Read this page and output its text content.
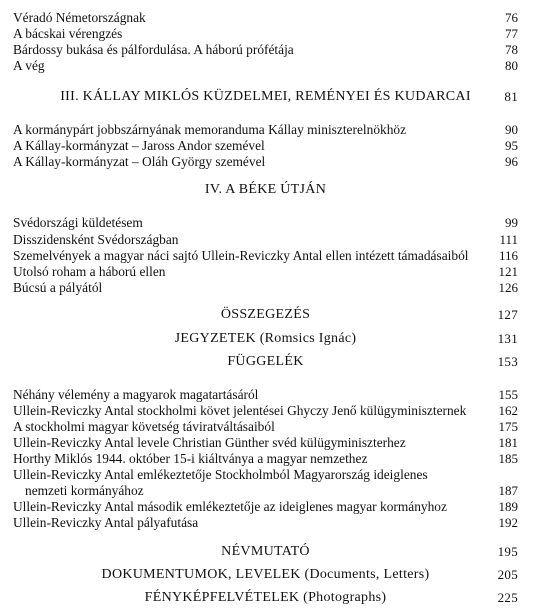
Véradó Németországnak	76
A bácskai vérengzés	77
Bárdossy bukása és pálfordulása. A háború prófétája	78
A vég	80
III. KÁLLAY MIKLÓS KÜZDELMEI, REMÉNYEI ÉS KUDARCAI	81
A kormánypárt jobbszárnyának memoranduma Kállay miniszterelnökhöz	90
A Kállay-kormányzat – Jaross Andor szemével	95
A Kállay-kormányzat – Oláh György szemével	96
IV. A BÉKE ÚTJÁN
Svédországi küldetésem	99
Disszidensként Svédországban	111
Szemelvények a magyar náci sajtó Ullein-Reviczky Antal ellen intézett támadásaiból 116
Utolsó roham a háború ellen	121
Búcsú a pályától	126
ÖSSZEGEZÉS	127
JEGYZETEK (Romsics Ignác)	131
FÜGGELÉK	153
Néhány vélemény a magyarok magatartásáról	155
Ullein-Reviczky Antal stockholmi követ jelentései Ghyczy Jenő külügyminiszternek 162
A stockholmi magyar követség táviratváltásaiból	175
Ullein-Reviczky Antal levele Christian Günther svéd külügyminiszterhez	181
Horthy Miklós 1944. október 15-i kiáltványa a magyar nemzethez	185
Ullein-Reviczky Antal emlékeztetője Stockholmból Magyarország ideiglenes
nemzeti kormányához	187
Ullein-Reviczky Antal második emlékeztetője az ideiglenes magyar kormányhoz	189
Ullein-Reviczky Antal pályafutása	192
NÉVMUTATÓ	195
DOKUMENTUMOK, LEVELEK (Documents, Letters)	205
FÉNYKÉPFELVÉTELEK (Photographs)	225
